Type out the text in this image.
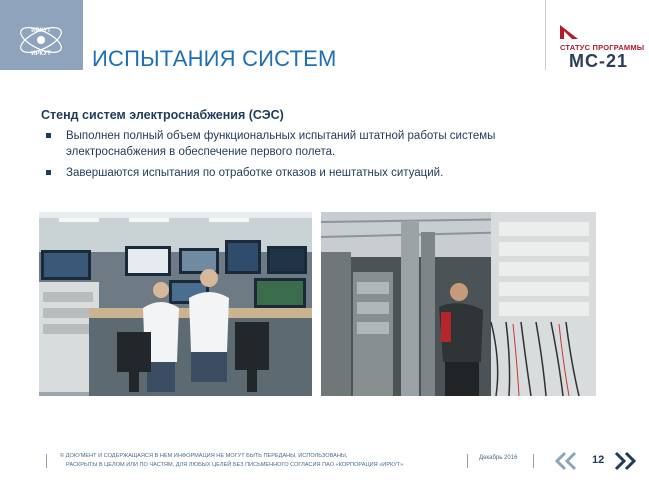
ИРКУТ
ИРКУТ ИСПЫТАНИЯ СИСТЕМ	СТАТУС ПРОГРАММЫ
МС-21
Стенд систем электроснабжения (СЭС)
Выполнен полный объем функциональных испытаний штатной работы системы электроснабжения в обеспечение первого полета.
Завершаются испытания по отработке отказов и нештатных ситуаций.
© ДОКУМЕНТ И СОДЕРЖАЩАЯСЯ В НЕМ ИНФОРМАЦИЯ НЕ МОГУТ БЫТЬ ПЕРЕДАНЫ, ИСПОЛЬЗОВАНЫ,
РАСКРЫТЫ В ЦЕЛОМ ИЛИ ПО ЧАСТЯМ, ДЛЯ ЛЮБЫХ ЦЕЛЕЙ БЕЗ ПИСЬМЕННОГО СОГЛАСИЯ ПАО «КОРПОРАЦИЯ «ИРКУТ»
Декабрь 2016	12
